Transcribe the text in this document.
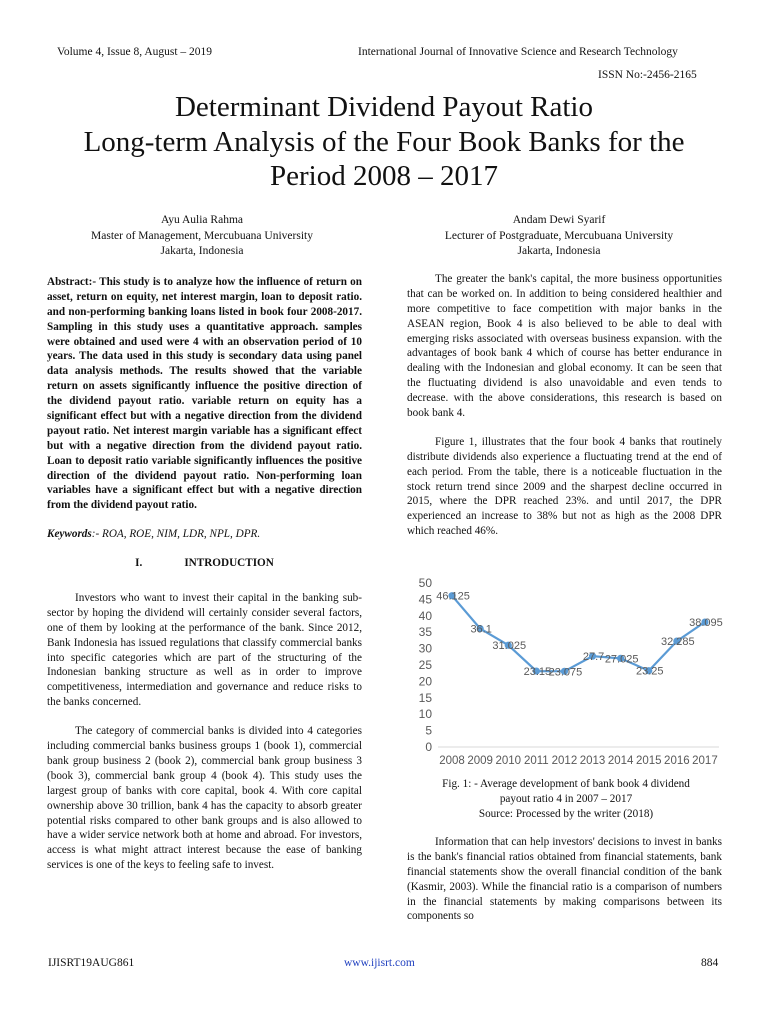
Volume 4, Issue 8, August – 2019	International Journal of Innovative Science and Research Technology
ISSN No:-2456-2165
Determinant Dividend Payout Ratio
Long-term Analysis of the Four Book Banks for the
Period 2008 – 2017
Ayu Aulia Rahma
Master of Management, Mercubuana University
Jakarta, Indonesia
Andam Dewi Syarif
Lecturer of Postgraduate, Mercubuana University
Jakarta, Indonesia

Abstract:- This study is to analyze how the influence of return on asset, return on equity, net interest margin, loan to deposit ratio. and non-performing banking loans listed in book four 2008-2017. Sampling in this study uses a quantitative approach. samples were obtained and used were 4 with an observation period of 10 years. The data used in this study is secondary data using panel data analysis methods. The results showed that the variable return on assets significantly influence the positive direction of the dividend payout ratio. variable return on equity has a significant effect but with a negative direction from the dividend payout ratio. Net interest margin variable has a significant effect but with a negative direction from the dividend payout ratio. Loan to deposit ratio variable significantly influences the positive direction of the dividend payout ratio. Non-performing loan variables have a significant effect but with a negative direction from the dividend payout ratio.

Keywords:- ROA, ROE, NIM, LDR, NPL, DPR.

I.	INTRODUCTION

Investors who want to invest their capital in the banking sub-sector by hoping the dividend will certainly consider several factors, one of them by looking at the performance of the bank. Since 2012, Bank Indonesia has issued regulations that classify commercial banks into specific categories which are part of the structuring of the Indonesian banking structure as well as in order to improve competitiveness, intermediation and governance and reduce risks to the banks concerned.

The category of commercial banks is divided into 4 categories including commercial banks business groups 1 (book 1), commercial bank group business 2 (book 2), commercial bank group business 3 (book 3), commercial bank group 4 (book 4). This study uses the largest group of banks with core capital, book 4. With core capital ownership above 30 trillion, bank 4 has the capacity to absorb greater potential risks compared to other bank groups and is also allowed to have a wider service network both at home and abroad. For investors, access is what might attract interest because the ease of banking services is one of the keys to feeling safe to invest.

The greater the bank's capital, the more business opportunities that can be worked on. In addition to being considered healthier and more competitive to face competition with major banks in the ASEAN region, Book 4 is also believed to be able to deal with emerging risks associated with overseas business expansion. with the advantages of book bank 4 which of course has better endurance in dealing with the Indonesian and global economy. It can be seen that the fluctuating dividend is also unavoidable and even tends to decrease. with the above considerations, this research is based on book bank 4.

Figure 1, illustrates that the four book 4 banks that routinely distribute dividends also experience a fluctuating trend at the end of each period. From the table, there is a noticeable fluctuation in the stock return trend since 2009 and the sharpest decline occurred in 2015, where the DPR reached 23%. and until 2017, the DPR experienced an increase to 38% but not as high as the 2008 DPR which reached 46%.

0
5
10
15
20
25
30
35
40
45
50
2008 2009 2010 2011 2012 2013 2014 2015 2016 2017
46.125
36.1
31.025
23.15
23.075
27.7 27.025
23.25
32.285
38.095
Fig. 1: - Average development of bank book 4 dividend
payout ratio 4 in 2007 – 2017
Source: Processed by the writer (2018)

Information that can help investors' decisions to invest in banks is the bank's financial ratios obtained from financial statements, bank financial statements show the overall financial condition of the bank (Kasmir, 2003). While the financial ratio is a comparison of numbers in the financial statements by making comparisons between its components so

IJISRT19AUG861	www.ijisrt.com	884
